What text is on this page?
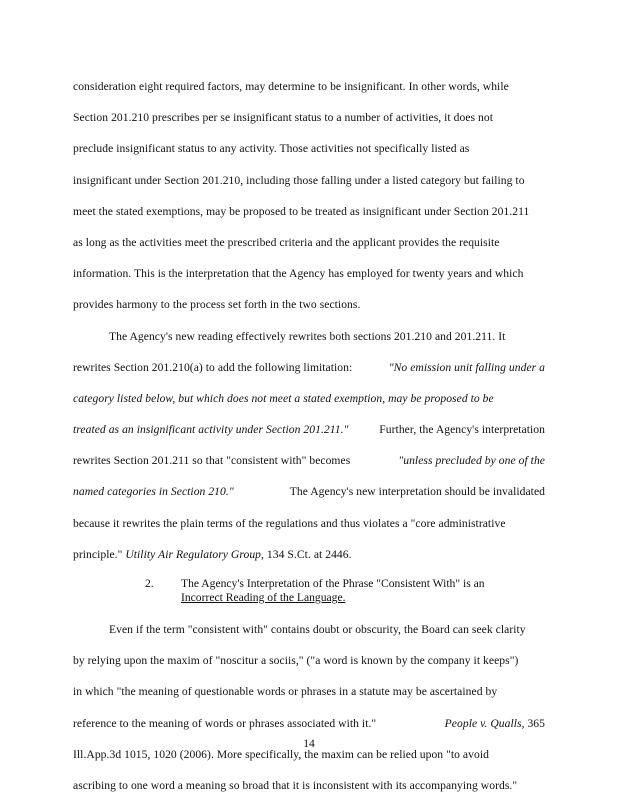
consideration eight required factors, may determine to be insignificant. In other words, while
Section 201.210 prescribes per se insignificant status to a number of activities, it does not
preclude insignificant status to any activity. Those activities not specifically listed as
insignificant under Section 201.210, including those falling under a listed category but failing to
meet the stated exemptions, may be proposed to be treated as insignificant under Section 201.211
as long as the activities meet the prescribed criteria and the applicant provides the requisite
information. This is the interpretation that the Agency has employed for twenty years and which
provides harmony to the process set forth in the two sections.
The Agency's new reading effectively rewrites both sections 201.210 and 201.211. It
rewrites Section 201.210(a) to add the following limitation:	"No emission unit falling under a
category listed below, but which does not meet a stated exemption, may be proposed to be
treated as an insignificant activity under Section 201.211."	Further, the Agency's interpretation
rewrites Section 201.211 so that "consistent with" becomes	"unless precluded by one of the
named categories in Section 210."	The Agency's new interpretation should be invalidated
because it rewrites the plain terms of the regulations and thus violates a "core administrative
principle."
Utility Air Regulatory Group , 134 S.Ct. at 2446.
2. The Agency's Interpretation of the Phrase "Consistent With" is an
Incorrect Reading of the Language.
Even if the term "consistent with" contains doubt or obscurity, the Board can seek clarity
by relying upon the maxim of "noscitur a sociis," ("a word is known by the company it keeps")
in which "the meaning of questionable words or phrases in a statute may be ascertained by
reference to the meaning of words or phrases associated with it."	People v. Qualls , 365
Ill.App.3d 1015, 1020 (2006). More specifically, the maxim can be relied upon "to avoid
ascribing to one word a meaning so broad that it is inconsistent with its accompanying words."
14
